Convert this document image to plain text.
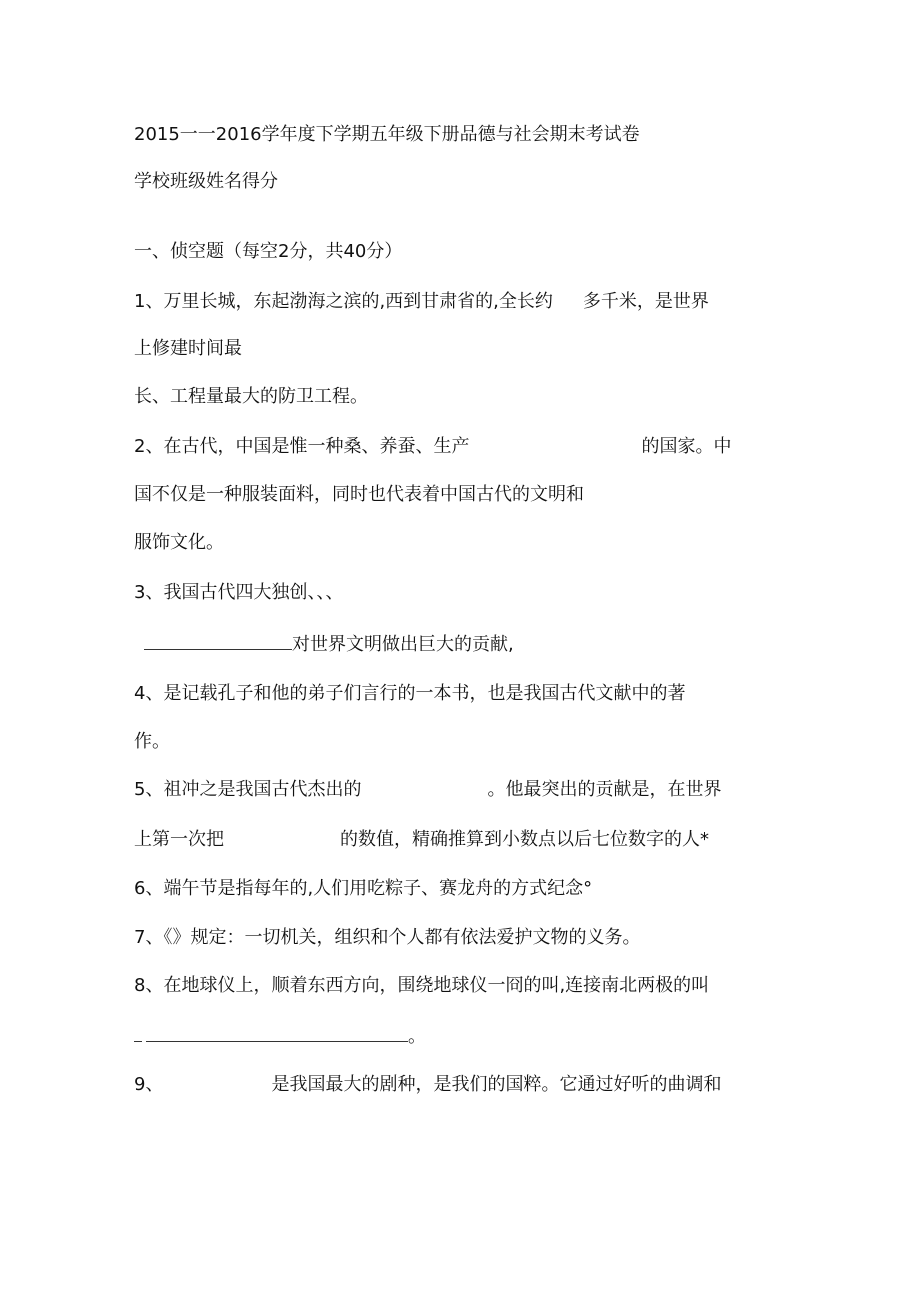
2015一一2016学年度下学期五年级下册品德与社会期末考试卷

学校班级姓名得分

一、侦空题（每空2分，共40分）

1、万里长城，东起渤海之滨的,西到甘肃省的,全长约 多千米，是世界

上修建时间最

长、工程量最大的防卫工程。

2、在古代，中国是惟一种桑、养蚕、生产	的国家。中

国不仅是一种服装面料，同时也代表着中国古代的文明和

服饰文化。

3、我国古代四大独创、、、

对世界文明做出巨大的贡献,

4、是记载孔子和他的弟子们言行的一本书，也是我国古代文献中的著

作。

5、祖冲之是我国古代杰出的	。他最突出的贡献是，在世界

上第一次把	的数值，精确推算到小数点以后七位数字的人*

6、端午节是指每年的,人们用吃粽子、赛龙舟的方式纪念°

7、《》规定：一切机关，组织和个人都有依法爱护文物的义务。

8、在地球仪上，顺着东西方向，围绕地球仪一冏的叫,连接南北两极的叫

。

9、	是我国最大的剧种，是我们的国粹。它通过好听的曲调和
